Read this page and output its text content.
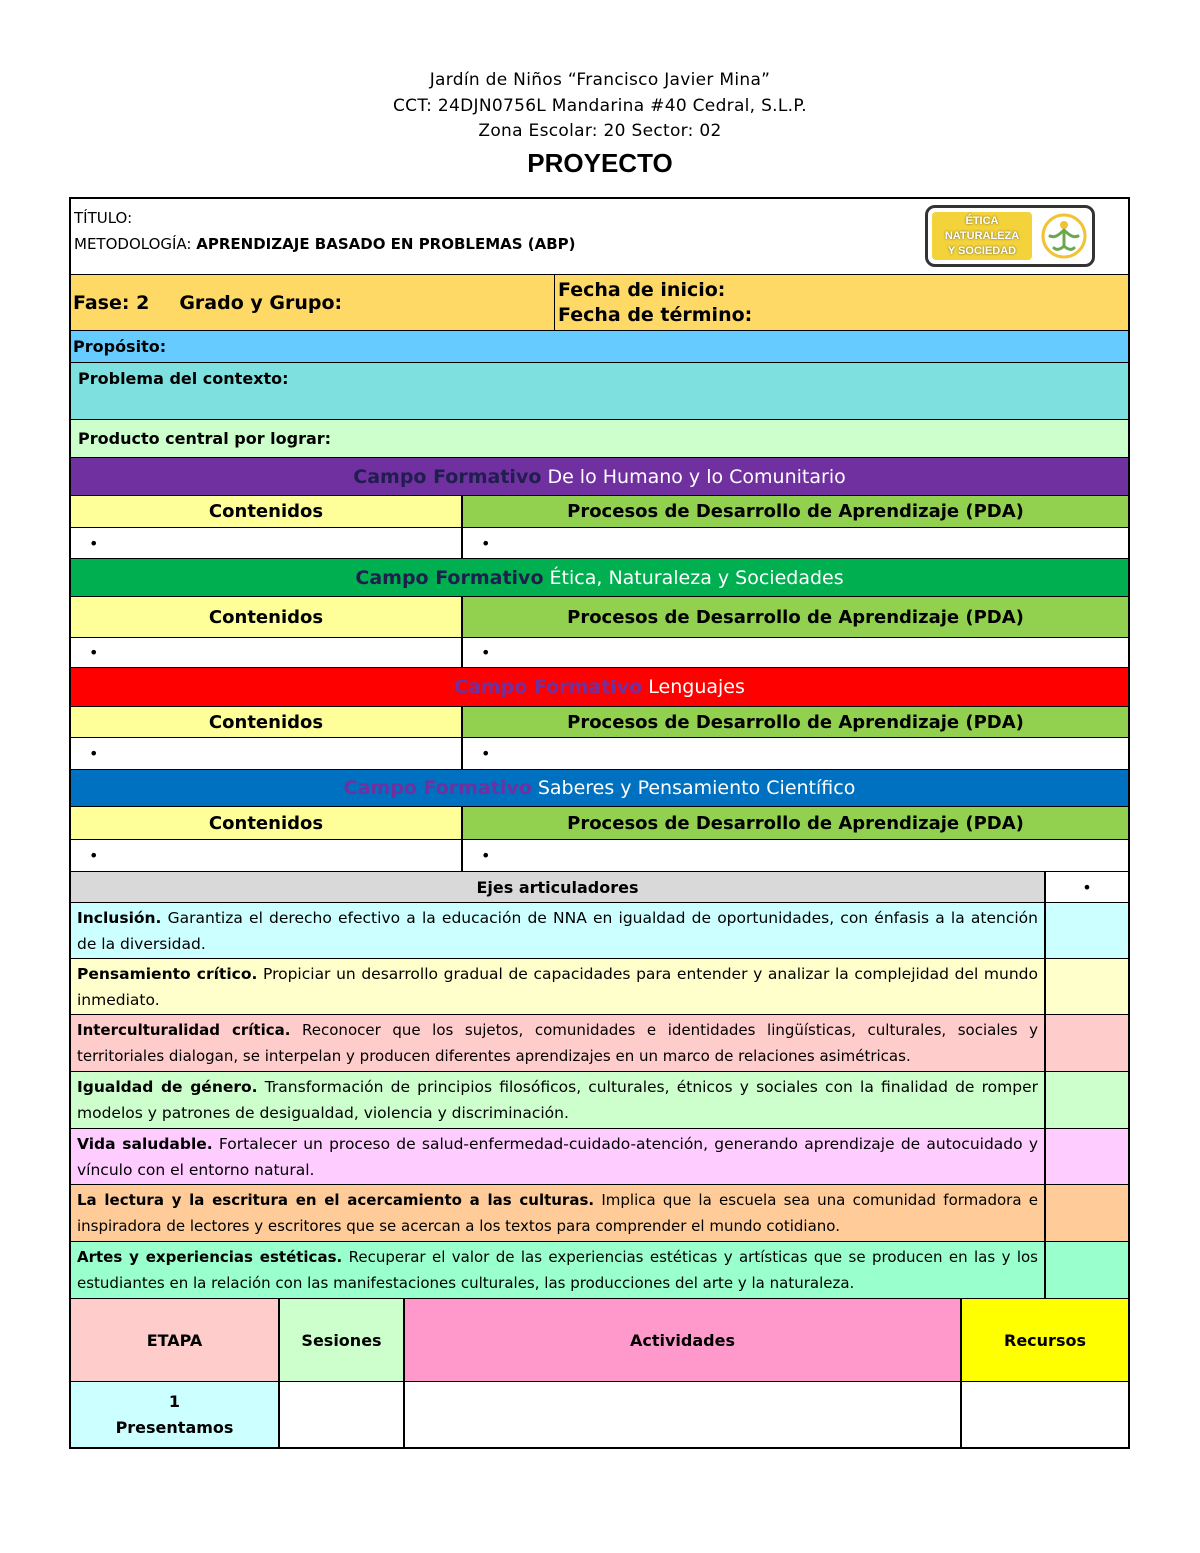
Jardín de Niños “Francisco Javier Mina”
CCT: 24DJN0756L Mandarina #40 Cedral, S.L.P.
Zona Escolar: 20 Sector: 02
PROYECTO
TÍTULO:
METODOLOGÍA: APRENDIZAJE BASADO EN PROBLEMAS (ABP)
ÉTICA
NATURALEZA
Y SOCIEDAD
Fase: 2 Grado y Grupo:
Fecha de inicio:
Fecha de término:
Propósito:
Problema del contexto:
Producto central por lograr:
Campo Formativo
De lo Humano y lo Comunitario
Contenidos	Procesos de Desarrollo de Aprendizaje (PDA)
•	•
Campo Formativo
Ética, Naturaleza y Sociedades
Contenidos	Procesos de Desarrollo de Aprendizaje (PDA)
•	•
Campo Formativo
Lenguajes
Contenidos	Procesos de Desarrollo de Aprendizaje (PDA)
•	•
Campo Formativo
Saberes y Pensamiento Científico
Contenidos	Procesos de Desarrollo de Aprendizaje (PDA)
•	•
Ejes articuladores	•
Inclusión. Garantiza el derecho efectivo a la educación de NNA en igualdad de oportunidades, con énfasis a la atención de la diversidad.
Pensamiento crítico. Propiciar un desarrollo gradual de capacidades para entender y analizar la complejidad del mundo inmediato.
Interculturalidad crítica. Reconocer que los sujetos, comunidades e identidades lingüísticas, culturales, sociales y territoriales dialogan, se interpelan y producen diferentes aprendizajes en un marco de relaciones asimétricas.
Igualdad de género. Transformación de principios filosóficos, culturales, étnicos y sociales con la finalidad de romper modelos y patrones de desigualdad, violencia y discriminación.
Vida saludable. Fortalecer un proceso de salud-enfermedad-cuidado-atención, generando aprendizaje de autocuidado y vínculo con el entorno natural.
La lectura y la escritura en el acercamiento a las culturas. Implica que la escuela sea una comunidad formadora e inspiradora de lectores y escritores que se acercan a los textos para comprender el mundo cotidiano.
Artes y experiencias estéticas. Recuperar el valor de las experiencias estéticas y artísticas que se producen en las y los estudiantes en la relación con las manifestaciones culturales, las producciones del arte y la naturaleza.
ETAPA	Sesiones	Actividades	Recursos
1
Presentamos
